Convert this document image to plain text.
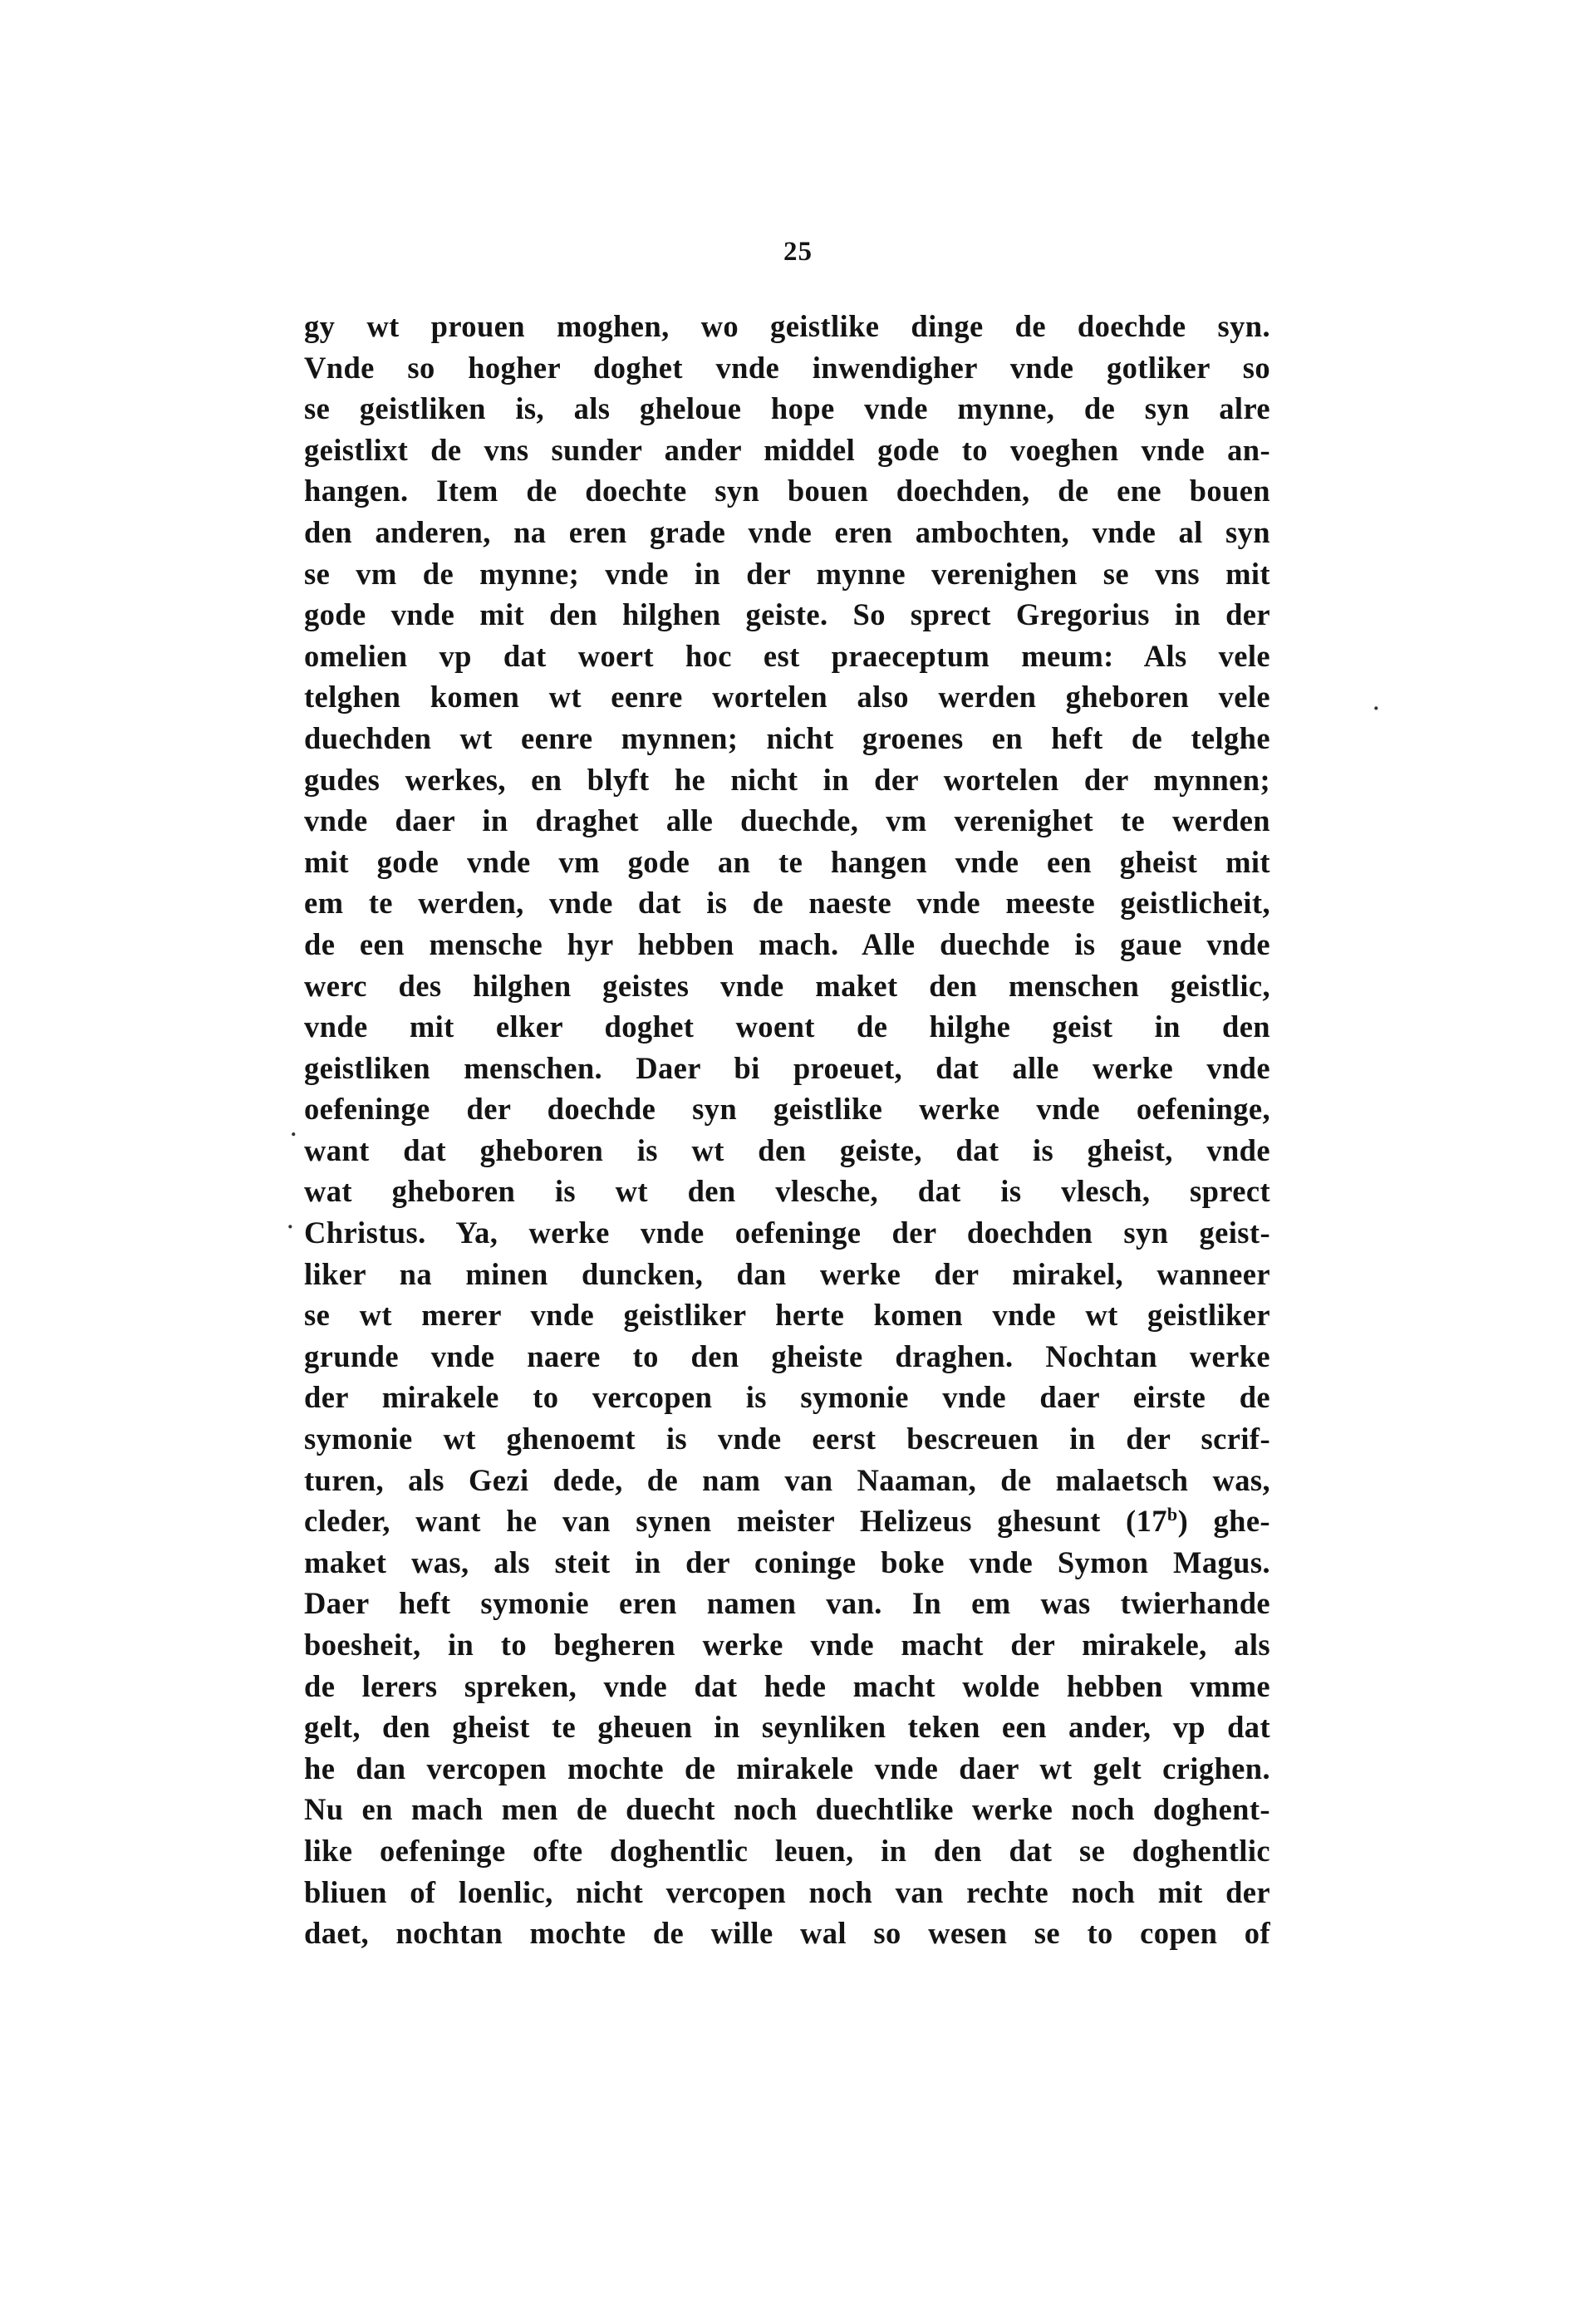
25
gy wt prouen moghen, wo geistlike dinge de doechde syn.
Vnde so hogher doghet vnde inwendigher vnde gotliker so
se geistliken is, als gheloue hope vnde mynne, de syn alre
geistlixt de vns sunder ander middel gode to voeghen vnde an-
hangen. Item de doechte syn bouen doechden, de ene bouen
den anderen, na eren grade vnde eren ambochten, vnde al syn
se vm de mynne; vnde in der mynne verenighen se vns mit
gode vnde mit den hilghen geiste. So sprect Gregorius in der
omelien vp dat woert hoc est praeceptum meum: Als vele
telghen komen wt eenre wortelen also werden gheboren vele
duechden wt eenre mynnen; nicht groenes en heft de telghe
gudes werkes, en blyft he nicht in der wortelen der mynnen;
vnde daer in draghet alle duechde, vm verenighet te werden
mit gode vnde vm gode an te hangen vnde een gheist mit
em te werden, vnde dat is de naeste vnde meeste geistlicheit,
de een mensche hyr hebben mach. Alle duechde is gaue vnde
werc des hilghen geistes vnde maket den menschen geistlic,
vnde mit elker doghet woent de hilghe geist in den
geistliken menschen. Daer bi proeuet, dat alle werke vnde
oefeninge der doechde syn geistlike werke vnde oefeninge,
want dat gheboren is wt den geiste, dat is gheist, vnde
wat gheboren is wt den vlesche, dat is vlesch, sprect
Christus. Ya, werke vnde oefeninge der doechden syn geist-
liker na minen duncken, dan werke der mirakel, wanneer
se wt merer vnde geistliker herte komen vnde wt geistliker
grunde vnde naere to den gheiste draghen. Nochtan werke
der mirakele to vercopen is symonie vnde daer eirste de
symonie wt ghenoemt is vnde eerst bescreuen in der scrif-
turen, als Gezi dede, de nam van Naaman, de malaetsch was,
cleder, want he van synen meister Helizeus ghesunt (17$^b$) ghe-
maket was, als steit in der coninge boke vnde Symon Magus.
Daer heft symonie eren namen van. In em was twierhande
boesheit, in to begheren werke vnde macht der mirakele, als
de lerers spreken, vnde dat hede macht wolde hebben vmme
gelt, den gheist te gheuen in seynliken teken een ander, vp dat
he dan vercopen mochte de mirakele vnde daer wt gelt crighen.
Nu en mach men de duecht noch duechtlike werke noch doghent-
like oefeninge ofte doghentlic leuen, in den dat se doghentlic
bliuen of loenlic, nicht vercopen noch van rechte noch mit der
daet, nochtan mochte de wille wal so wesen se to copen of
·
.
·
